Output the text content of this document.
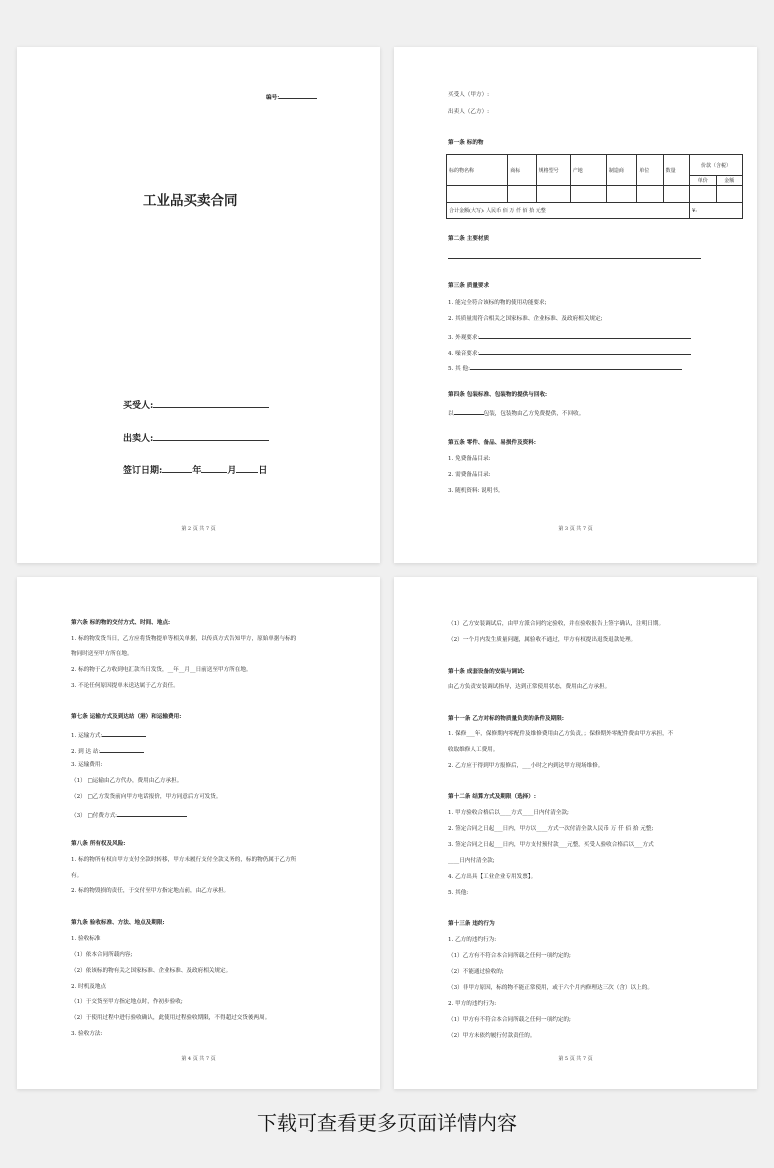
编号:
工业品买卖合同
买受人:
出卖人:
签订日期:	年	月 日
第 2 页 共 7 页
买受人（甲方）:
出卖人（乙方）:
第一条 标的物
标的物名称	商标	规格型号	产地	制造商	单位	数量	价款（含税）	
							单价	金额

合计金额(大写): 人民币 佰 万 仟 佰 拾 元整							¥:	
第二条 主要材质
第三条 质量要求
1. 能完全符合该标的物的使用功能要求;
2. 其质量需符合相关之国家标准、企业标准、及政府相关规定;
3. 外观要求:
4. 噪音要求:
5. 其 他:
第四条 包装标准、包装物的提供与回收:
以	包装，包装物由乙方免费提供，不回收。
第五条 零件、备品、易损件及资料:
1. 免费备品目录:
2. 需费备品目录:
3. 随机资料: 说明书。
第 3 页 共 7 页
第六条 标的物的交付方式、时间、地点:
1. 标的物发货当日，乙方应将货物提单等相关单据，以传真方式告知甲方，原始单据与标的
物同时送至甲方所在地。
2. 标的物于乙方收到电汇款当日发货，__年__月__日前送至甲方所在地。
3. 不论任何原因提单未送达属于乙方责任。
第七条 运输方式及到达站（港）和运输费用:
1. 运输方式:
2. 到 达 站:
3. 运输费用:
（1） □运输由乙方代办，费用由乙方承担。
（2） □乙方发货前向甲方电话报价，甲方同意后方可发货。
（3） □付费方式:
第八条 所有权及风险:
1. 标的物所有权自甲方支付全款时转移，甲方未履行支付全款义务的，标的物仍属于乙方所
有。
2. 标的物毁损的责任，于交付至甲方指定地点前，由乙方承担。
第九条 验收标准、方法、地点及期限:
1. 验收标准
（1）依本合同所载内容;
（2）依该标的物有关之国家标准、企业标准、及政府相关规定。
2. 时机及地点
（1）于交货至甲方指定地点时，作初步验收;
（2）于使用过程中进行验收确认，此使用过程验收期限，不得超过交货後两周。
3. 验收方法:
第 4 页 共 7 页
（1）乙方安装调试后，由甲方派合同约定验收，并在验收报告上签字确认，注明日期。
（2）一个月内发生质量问题，属验收不通过，甲方有权提出退货退款处理。
第十条 成套设备的安装与调试:
由乙方负责安装调试指导，达到正常使用状态，费用由乙方承担。
第十一条 乙方对标的物质量负责的条件及期限:
1. 保修___年，保修期内零配件及维修费用由乙方负责，；保修期外零配件费由甲方承担，不
收取维修人工费用。
2. 乙方应于得到甲方报修后，___小时之内到达甲方现场维修。
第十二条 结算方式及期限（选择）:
1. 甲方验收合格后以____方式____日内付清全款;
2. 签定合同之日起___日内，甲方以____方式一次付清全款人民币 万 仟 佰 拾 元整;
3. 签定合同之日起___日内，甲方支付预付款___元整，买受人验收合格后以___方式
____日内付清全款;
4. 乙方出具【工业企业专用发票】。
5. 其他:
第十三条 违约行为
1. 乙方的违约行为:
（1）乙方有不符合本合同所载之任何一项约定的;
（2）不能通过验收的;
（3）非甲方原因，标的物不能正常使用，或于六个月内修理达三次（含）以上的。
2. 甲方的违约行为:
（1）甲方有不符合本合同所载之任何一项约定的;
（2）甲方未依约履行付款责任的。
第 5 页 共 7 页
下载可查看更多页面详情内容
